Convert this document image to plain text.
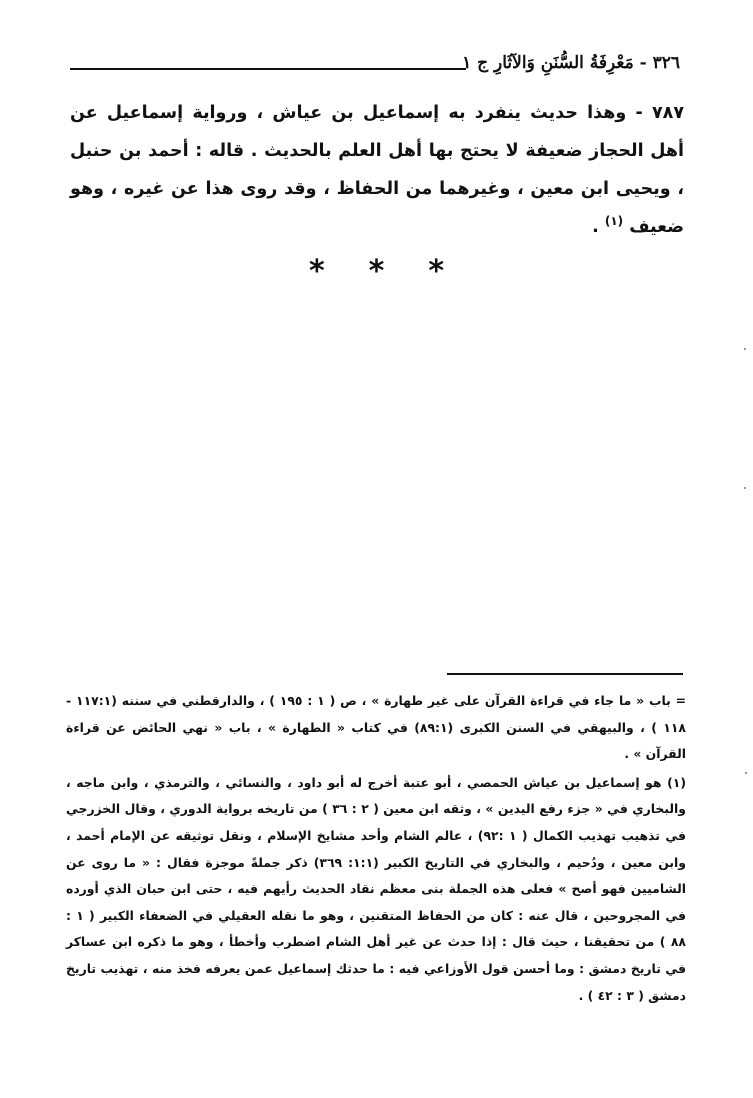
٣٢٦ - مَعْرِفَةُ السُّنَنِ وَالآثَارِ ج ١
٧٨٧ - وهذا حديث ينفرد به إسماعيل بن عياش ، ورواية إسماعيل عن أهل الحجاز ضعيفة لا يحتج بها أهل العلم بالحديث . قاله : أحمد بن حنبل ، ويحيى ابن معين ، وغيرهما من الحفاظ ، وقد روى هذا عن غيره ، وهو ضعيف $^{(١)}$ .
* * *

= باب « ما جاء في قراءة القرآن على غير طهارة » ، ص ( ١ : ١٩٥ ) ، والدارقطني في سننه (١١٧:١ - ١١٨ ) ، والبيهقي في السنن الكبرى (٨٩:١) في كتاب « الطهارة » ، باب « نهي الحائض عن قراءة القرآن » .

(١) هو إسماعيل بن عياش الحمصي ، أبو عتبة أخرج له أبو داود ، والنسائي ، والترمذي ، وابن ماجه ، والبخاري في « جزء رفع اليدين » ، وثقه ابن معين ( ٢ : ٣٦ ) من تاريخه برواية الدوري ، وقال الخزرجي في تذهيب تهذيب الكمال ( ١ :٩٢) ، عالم الشام وأحد مشايخ الإسلام ، ونقل توثيقه عن الإمام أحمد ، وابن معين ، ودُحيم ، والبخاري في التاريخ الكبير (١:١: ٣٦٩) ذكر جملةً موجزة فقال : « ما روى عن الشاميين فهو أصح » فعلى هذه الجملة بنى معظم نقاد الحديث رأيهم فيه ، حتى ابن حبان الذي أورده في المجروحين ، قال عنه : كان من الحفاظ المتقنين ، وهو ما نقله العقيلي في الضعفاء الكبير ( ١ : ٨٨ ) من تحقيقنا ، حيث قال : إذا حدث عن غير أهل الشام اضطرب وأخطأ ، وهو ما ذكره ابن عساكر في تاريخ دمشق : وما أحسن قول الأوزاعي فيه : ما حدثك إسماعيل عمن يعرفه فخذ منه ، تهذيب تاريخ دمشق ( ٣ : ٤٢ ) .
